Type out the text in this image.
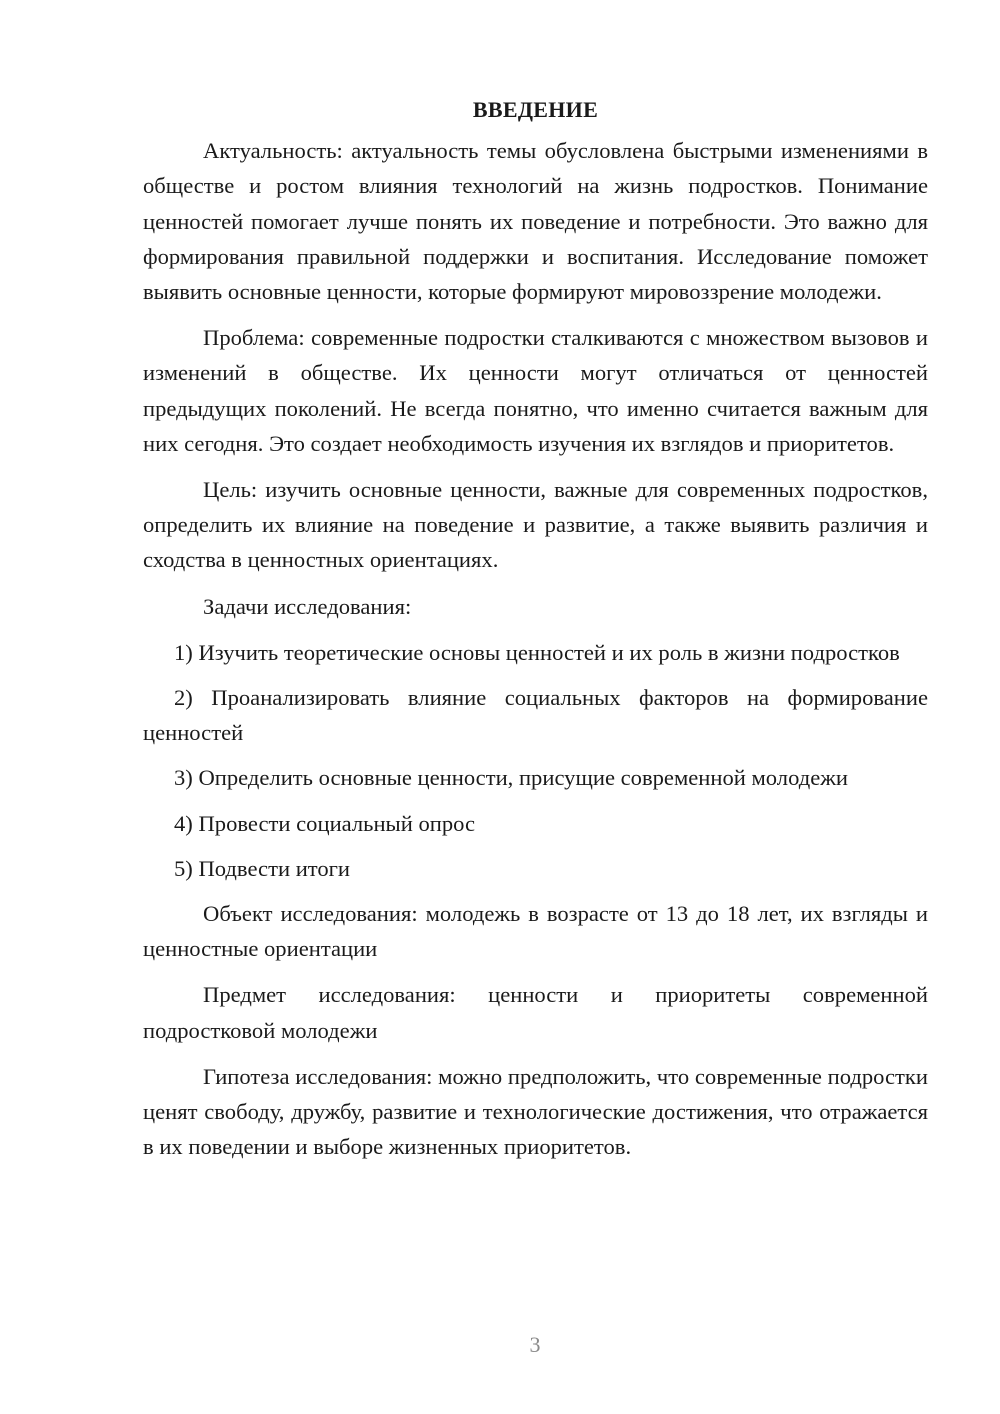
ВВЕДЕНИЕ

Актуальность: актуальность темы обусловлена быстрыми изменениями в обществе и ростом влияния технологий на жизнь подростков. Понимание ценностей помогает лучше понять их поведение и потребности. Это важно для формирования правильной поддержки и воспитания. Исследование поможет выявить основные ценности, которые формируют мировоззрение молодежи.

Проблема: современные подростки сталкиваются с множеством вызовов и изменений в обществе. Их ценности могут отличаться от ценностей предыдущих поколений. Не всегда понятно, что именно считается важным для них сегодня. Это создает необходимость изучения их взглядов и приоритетов.

Цель: изучить основные ценности, важные для современных подростков, определить их влияние на поведение и развитие, а также выявить различия и сходства в ценностных ориентациях.

Задачи исследования:

1) Изучить теоретические основы ценностей и их роль в жизни подростков

2) Проанализировать влияние социальных факторов на формирование ценностей

3) Определить основные ценности, присущие современной молодежи

4) Провести социальный опрос

5) Подвести итоги

Объект исследования: молодежь в возрасте от 13 до 18 лет, их взгляды и ценностные ориентации

Предмет исследования: ценности и приоритеты современной подростковой молодежи

Гипотеза исследования: можно предположить, что современные подростки ценят свободу, дружбу, развитие и технологические достижения, что отражается в их поведении и выборе жизненных приоритетов.

3
